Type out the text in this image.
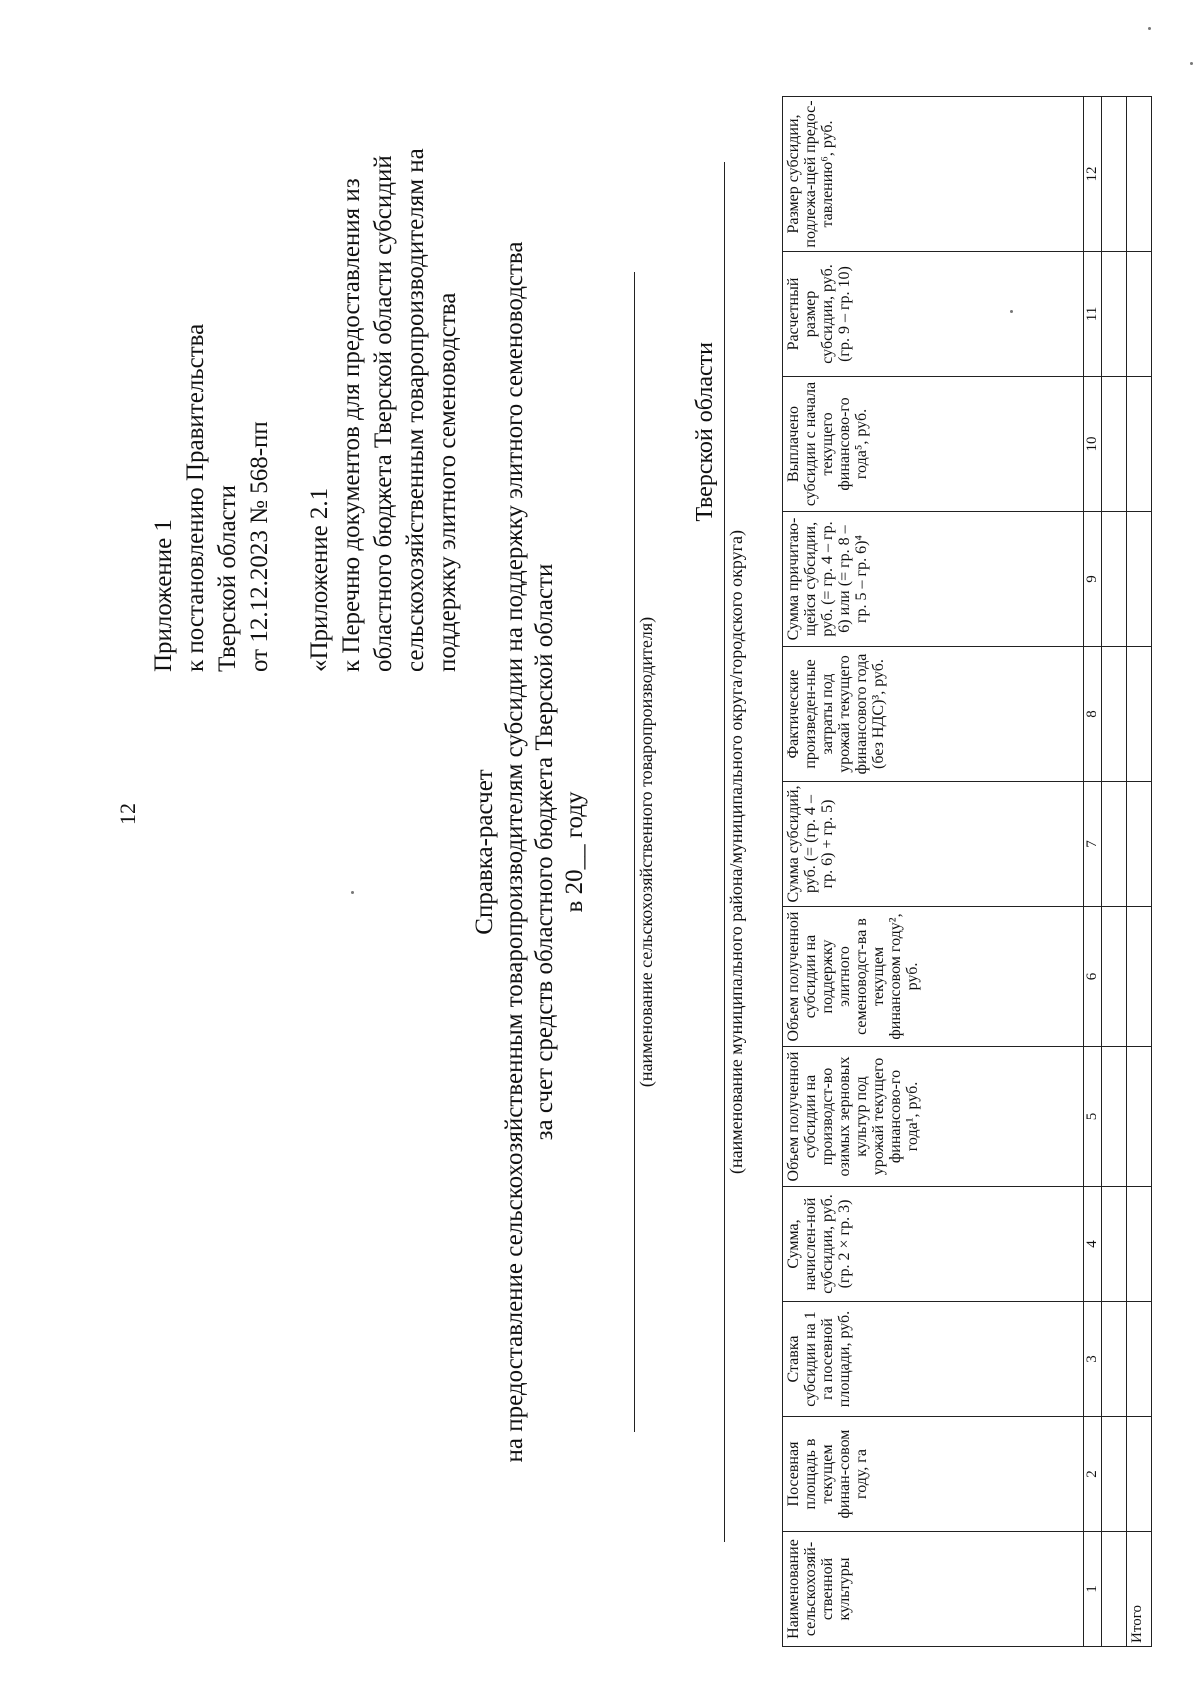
12
Приложение 1 к постановлению Правительства Тверской области от 12.12.2023 № 568-пп «Приложение 2.1 к Перечню документов для предоставления из областного бюджета Тверской области субсидий сельскохозяйственным товаропроизводителям на поддержку элитного семеноводства
Справка-расчет на предоставление сельскохозяйственным товаропроизводителям субсидии на поддержку элитного семеноводства за счет средств областного бюджета Тверской области в 20__ году	(наименование сельскохозяйственного товаропроизводителя)
Тверской области
(наименование муниципального района/муниципального округа/городского округа)
Наименование сельскохозяй-ственной культуры	Посевная площадь в текущем финан-совом году, га	Ставка субсидии на 1 га посевной площади, руб.	Сумма, начислен-ной субсидии, руб. (гр. 2 × гр. 3)	Объем полученной субсидии на производст-во озимых зерновых культур под урожай текущего финансово-го года¹, руб.	Объем полученной субсидии на поддержку элитного семеноводст-ва в текущем финансовом году², руб.	Сумма субсидий, руб. (= (гр. 4 – гр. 6) + гр. 5)	Фактические произведен-ные затраты под урожай текущего финансового года (без НДС)³, руб.	Сумма причитаю-щейся субсидии, руб. (= гр. 4 – гр. 6) или (= гр. 8 – гр. 5 – гр. 6)⁴	Выплачено субсидии с начала текущего финансово-го года⁵, руб.	Расчетный размер субсидии, руб. (гр. 9 – гр. 10)	Размер субсидии, подлежа-щей предос-тавлению⁶, руб.
1	2	3	4	5	6	7	8	9	10	11	12

Итого											
